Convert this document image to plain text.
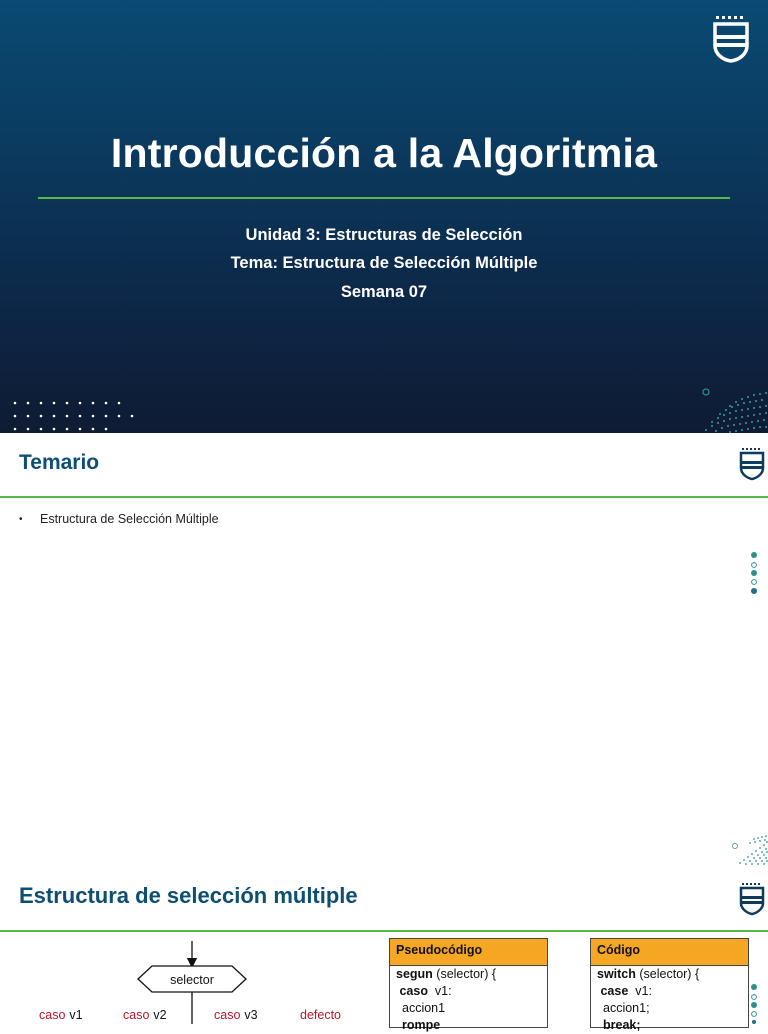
Introducción a la Algoritmia
Unidad 3: Estructuras de Selección
Tema: Estructura de Selección Múltiple
Semana 07
Temario
•	Estructura de Selección Múltiple
Estructura de selección múltiple
selector
caso v1	caso v2	caso v3	defecto
Pseudocódigo
segun (selector) {
caso  v1:
accion1
rompe
Código
switch (selector) {
case  v1:
accion1;
break;
